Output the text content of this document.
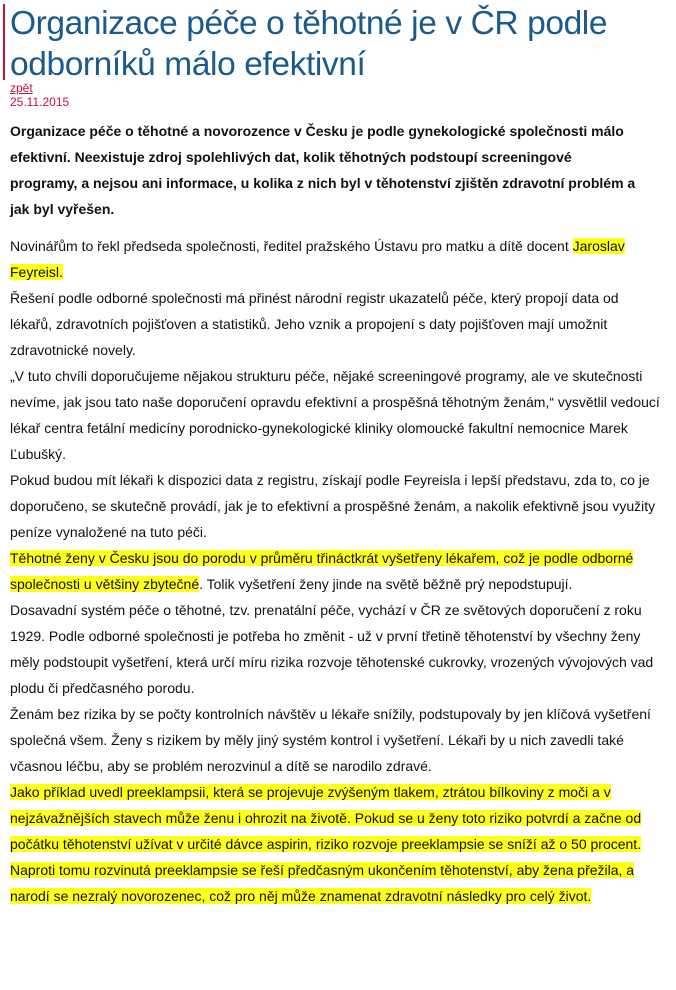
Organizace péče o těhotné je v ČR podle odborníků málo efektivní
zpět
25.11.2015

Organizace péče o těhotné a novorozence v Česku je podle gynekologické společnosti málo efektivní. Neexistuje zdroj spolehlivých dat, kolik těhotných podstoupí screeningové programy, a nejsou ani informace, u kolika z nich byl v těhotenství zjištěn zdravotní problém a jak byl vyřešen.

Novinářům to řekl předseda společnosti, ředitel pražského Ústavu pro matku a dítě docent Jaroslav Feyreisl.

Řešení podle odborné společnosti má přinést národní registr ukazatelů péče, který propojí data od lékařů, zdravotních pojišťoven a statistiků. Jeho vznik a propojení s daty pojišťoven mají umožnit zdravotnické novely.

„V tuto chvíli doporučujeme nějakou strukturu péče, nějaké screeningové programy, ale ve skutečnosti nevíme, jak jsou tato naše doporučení opravdu efektivní a prospěšná těhotným ženám,“ vysvětlil vedoucí lékař centra fetální medicíny porodnicko-gynekologické kliniky olomoucké fakultní nemocnice Marek Ľubušký.

Pokud budou mít lékaři k dispozici data z registru, získají podle Feyreisla i lepší představu, zda to, co je doporučeno, se skutečně provádí, jak je to efektivní a prospěšné ženám, a nakolik efektivně jsou využity peníze vynaložené na tuto péči.

Těhotné ženy v Česku jsou do porodu v průměru třináctkrát vyšetřeny lékařem, což je podle odborné společnosti u většiny zbytečné. Tolik vyšetření ženy jinde na světě běžně prý nepodstupují.

Dosavadní systém péče o těhotné, tzv. prenatální péče, vychází v ČR ze světových doporučení z roku 1929. Podle odborné společnosti je potřeba ho změnit - už v první třetině těhotenství by všechny ženy měly podstoupit vyšetření, která určí míru rizika rozvoje těhotenské cukrovky, vrozených vývojových vad plodu či předčasného porodu.

Ženám bez rizika by se počty kontrolních návštěv u lékaře snížily, podstupovaly by jen klíčová vyšetření společná všem. Ženy s rizikem by měly jiný systém kontrol i vyšetření. Lékaři by u nich zavedli také včasnou léčbu, aby se problém nerozvinul a dítě se narodilo zdravé.

Jako příklad uvedl preeklampsii, která se projevuje zvýšeným tlakem, ztrátou bílkoviny z moči a v nejzávažnějších stavech může ženu i ohrozit na životě. Pokud se u ženy toto riziko potvrdí a začne od počátku těhotenství užívat v určité dávce aspirin, riziko rozvoje preeklampsie se sníží až o 50 procent. Naproti tomu rozvinutá preeklampsie se řeší předčasným ukončením těhotenství, aby žena přežila, a narodí se nezralý novorozenec, což pro něj může znamenat zdravotní následky pro celý život.
